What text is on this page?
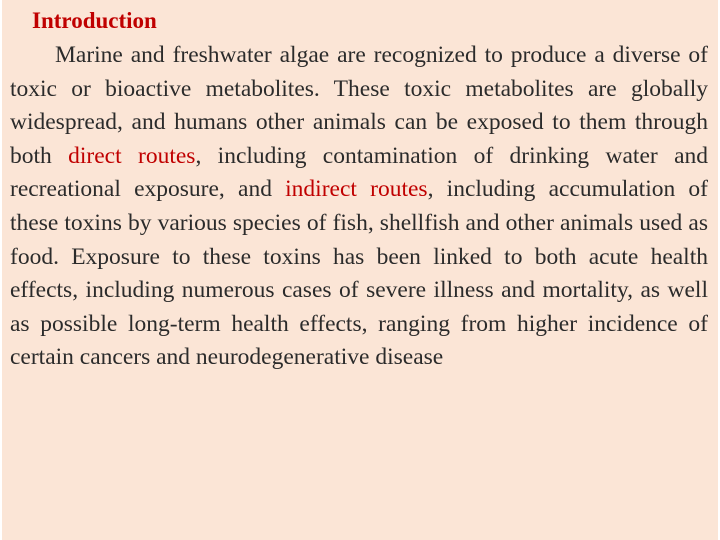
Introduction

Marine and freshwater algae are recognized to produce a diverse of toxic or bioactive metabolites. These toxic metabolites are globally widespread, and humans other animals can be exposed to them through both direct routes, including contamination of drinking water and recreational exposure, and indirect routes, including accumulation of these toxins by various species of fish, shellfish and other animals used as food. Exposure to these toxins has been linked to both acute health effects, including numerous cases of severe illness and mortality, as well as possible long-term health effects, ranging from higher incidence of certain cancers and neurodegenerative disease
